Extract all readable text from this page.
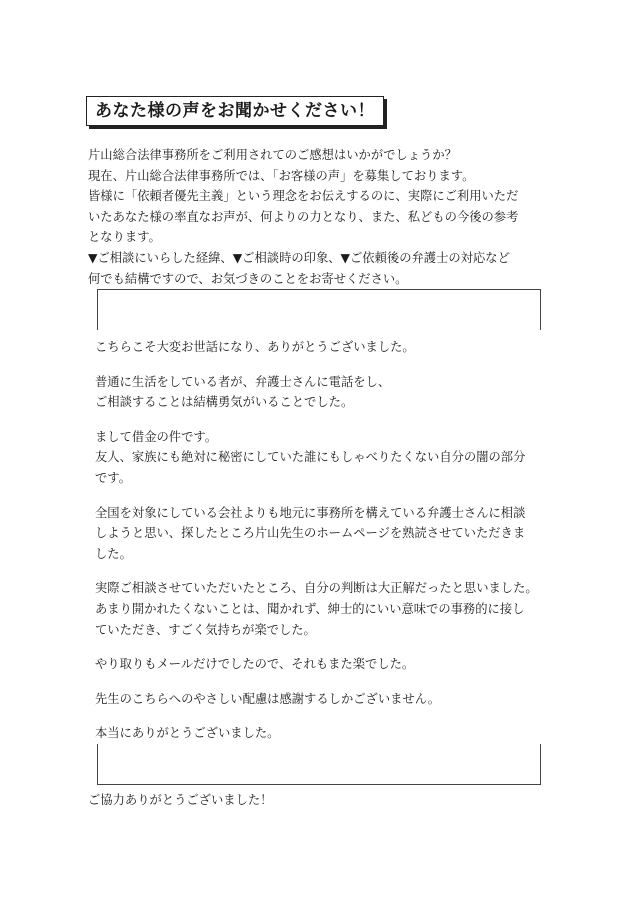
あなた様の声をお聞かせください！
片山総合法律事務所をご利用されてのご感想はいかがでしょうか？
現在、片山総合法律事務所では、「お客様の声」を募集しております。
皆様に「依頼者優先主義」という理念をお伝えするのに、実際にご利用いただ
いたあなた様の率直なお声が、何よりの力となり、また、私どもの今後の参考
となります。
▼ご相談にいらした経緯、▼ご相談時の印象、▼ご依頼後の弁護士の対応など
何でも結構ですので、お気づきのことをお寄せください。
こちらこそ大変お世話になり、ありがとうございました。
普通に生活をしている者が、弁護士さんに電話をし、
ご相談することは結構勇気がいることでした。
まして借金の件です。
友人、家族にも絶対に秘密にしていた誰にもしゃべりたくない自分の闇の部分
です。
全国を対象にしている会社よりも地元に事務所を構えている弁護士さんに相談
しようと思い、探したところ片山先生のホームページを熟読させていただきま
した。
実際ご相談させていただいたところ、自分の判断は大正解だったと思いました。
あまり開かれたくないことは、聞かれず、紳士的にいい意味での事務的に接し
ていただき、すごく気持ちが楽でした。
やり取りもメールだけでしたので、それもまた楽でした。
先生のこちらへのやさしい配慮は感謝するしかございません。
本当にありがとうございました。
ご協力ありがとうございました！
